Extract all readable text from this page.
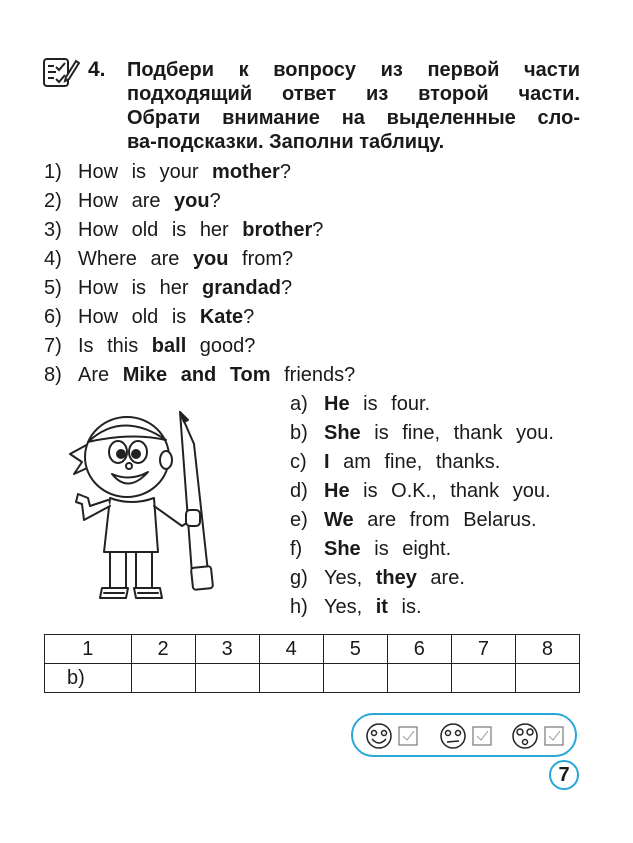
4. Подбери к вопросу из первой части
подходящий ответ из второй части.
Обрати внимание на выделенные сло-
ва-подсказки. Заполни таблицу.
1) How is your mother?
2) How are you?
3) How old is her brother?
4) Where are you from?
5) How is her grandad?
6) How old is Kate?
7) Is this ball good?
8) Are Mike and Tom friends?
a) He is four.
b) She is fine, thank you.
c) I am fine, thanks.
d) He is O.K., thank you.
e) We are from Belarus.
f) She is eight.
g) Yes, they are.
h) Yes, it is.
1	2	3	4	5	6	7	8
b)							
7
